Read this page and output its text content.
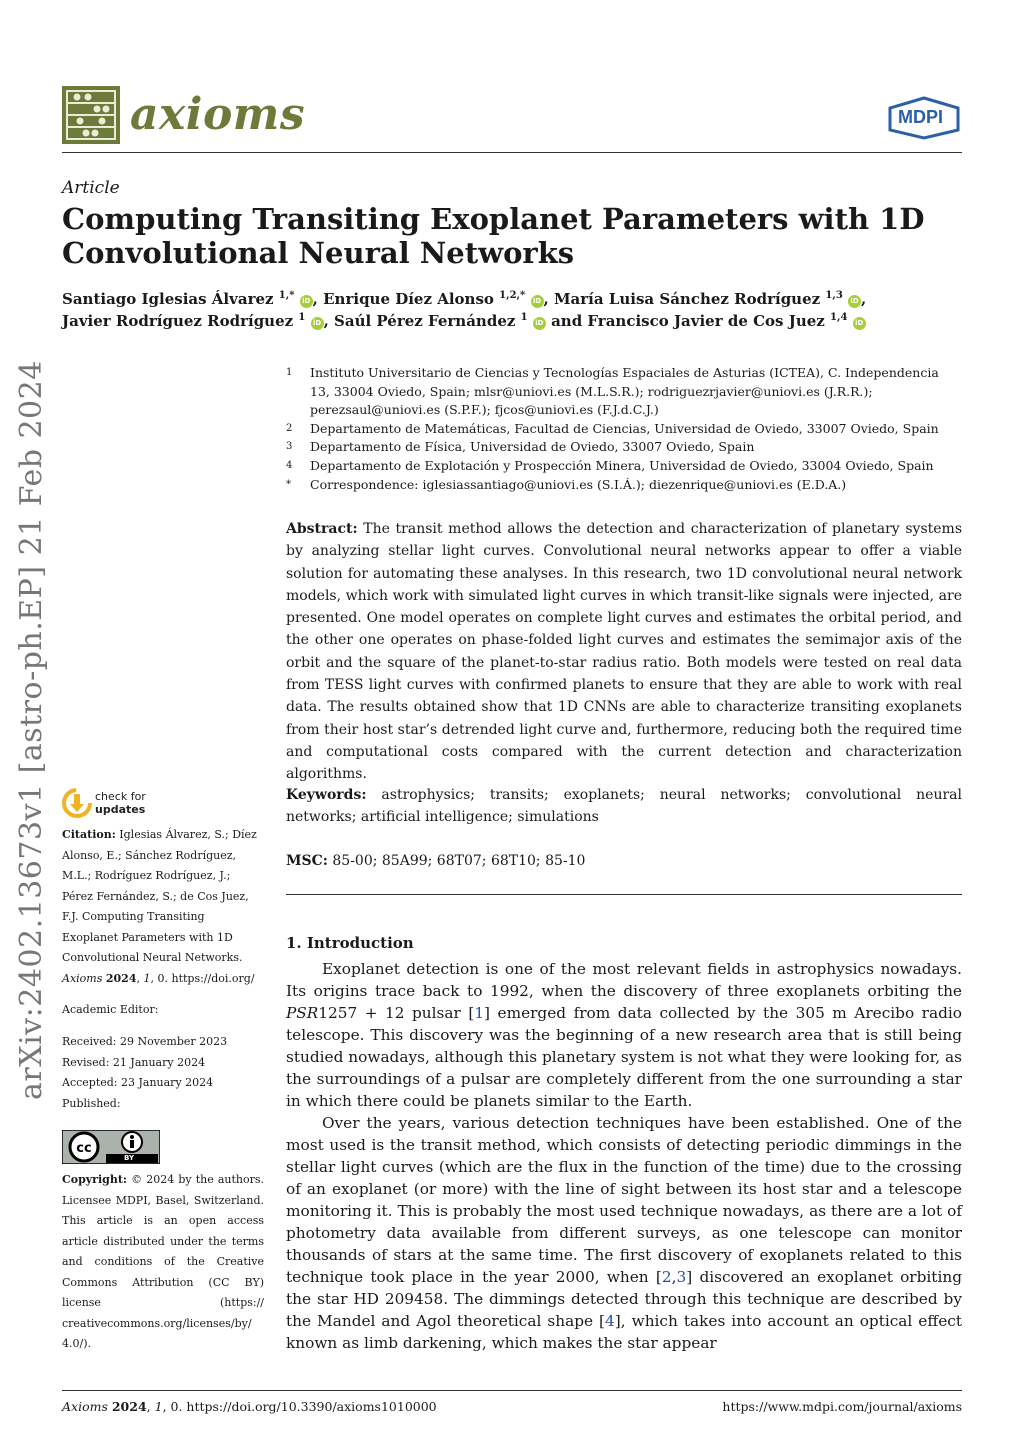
axioms	MDPI
Article
Computing Transiting Exoplanet Parameters with 1D Convolutional Neural Networks
Santiago Iglesias Álvarez $^{1,*}$ iD , Enrique Díez Alonso $^{1,2,*}$ iD , María Luisa Sánchez Rodríguez $^{1,3}$ iD ,
Javier Rodríguez Rodríguez $^1$ iD , Saúl Pérez Fernández $^1$ iD and Francisco Javier de Cos Juez $^{1,4}$ iD
1	Instituto Universitario de Ciencias y Tecnologías Espaciales de Asturias (ICTEA), C. Independencia 13, 33004 Oviedo, Spain; mlsr@uniovi.es (M.L.S.R.); rodriguezrjavier@uniovi.es (J.R.R.); perezsaul@uniovi.es (S.P.F.); fjcos@uniovi.es (F.J.d.C.J.)
2	Departamento de Matemáticas, Facultad de Ciencias, Universidad de Oviedo, 33007 Oviedo, Spain
3	Departamento de Física, Universidad de Oviedo, 33007 Oviedo, Spain
4	Departamento de Explotación y Prospección Minera, Universidad de Oviedo, 33004 Oviedo, Spain
*	Correspondence: iglesiassantiago@uniovi.es (S.I.Á.); diezenrique@uniovi.es (E.D.A.)
Abstract: The transit method allows the detection and characterization of planetary systems by analyzing stellar light curves. Convolutional neural networks appear to offer a viable solution for automating these analyses. In this research, two 1D convolutional neural network models, which work with simulated light curves in which transit-like signals were injected, are presented. One model operates on complete light curves and estimates the orbital period, and the other one operates on phase-folded light curves and estimates the semimajor axis of the orbit and the square of the planet-to-star radius ratio. Both models were tested on real data from TESS light curves with confirmed planets to ensure that they are able to work with real data. The results obtained show that 1D CNNs are able to characterize transiting exoplanets from their host star’s detrended light curve and, furthermore, reducing both the required time and computational costs compared with the current detection and characterization algorithms.
Keywords: astrophysics; transits; exoplanets; neural networks; convolutional neural networks; artificial intelligence; simulations
MSC: 85-00; 85A99; 68T07; 68T10; 85-10
1. Introduction

Exoplanet detection is one of the most relevant fields in astrophysics nowadays. Its origins trace back to 1992, when the discovery of three exoplanets orbiting the PSR1257 + 12 pulsar [1] emerged from data collected by the 305 m Arecibo radio telescope. This discovery was the beginning of a new research area that is still being studied nowadays, although this planetary system is not what they were looking for, as the surroundings of a pulsar are completely different from the one surrounding a star in which there could be planets similar to the Earth.

Over the years, various detection techniques have been established. One of the most used is the transit method, which consists of detecting periodic dimmings in the stellar light curves (which are the flux in the function of the time) due to the crossing of an exoplanet (or more) with the line of sight between its host star and a telescope monitoring it. This is probably the most used technique nowadays, as there are a lot of photometry data available from different surveys, as one telescope can monitor thousands of stars at the same time. The first discovery of exoplanets related to this technique took place in the year 2000, when [2,3] discovered an exoplanet orbiting the star HD 209458. The dimmings detected through this technique are described by the Mandel and Agol theoretical shape [4], which takes into account an optical effect known as limb darkening, which makes the star appear

arXiv:2402.13673v1 [astro-ph.EP] 21 Feb 2024	check for
updates
Citation: Iglesias Álvarez, S.; Díez Alonso, E.; Sánchez Rodríguez, M.L.; Rodríguez Rodríguez, J.; Pérez Fernández, S.; de Cos Juez, F.J. Computing Transiting Exoplanet Parameters with 1D Convolutional Neural Networks. Axioms 2024, 1, 0. https://doi.org/
Academic Editor:
Received: 29 November 2023
Revised: 21 January 2024
Accepted: 23 January 2024
Published:
cc
BY
Copyright: © 2024 by the authors. Licensee MDPI, Basel, Switzerland. This article is an open access article distributed under the terms and conditions of the Creative Commons Attribution (CC BY) license (https:// creativecommons.org/licenses/by/ 4.0/).
Axioms 2024, 1, 0. https://doi.org/10.3390/axioms1010000	https://www.mdpi.com/journal/axioms
